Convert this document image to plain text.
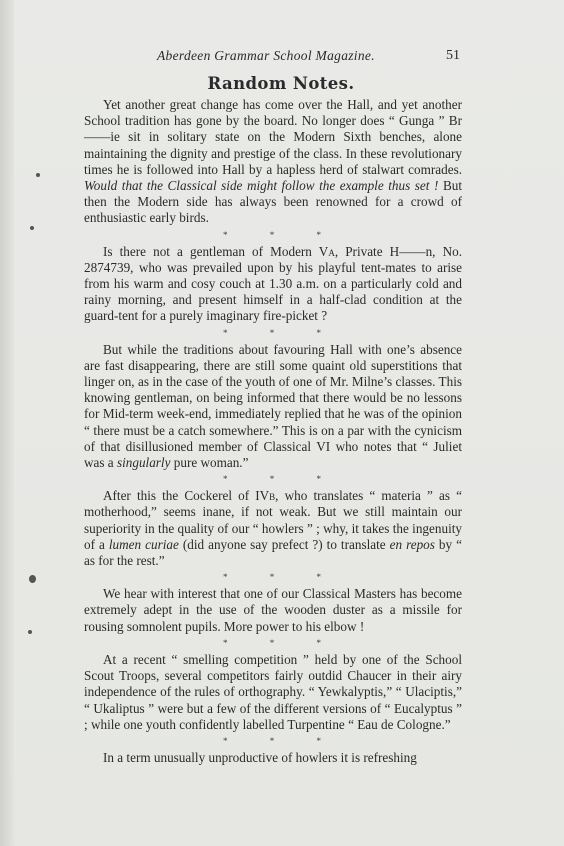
Aberdeen Grammar School Magazine.	51
Random Notes.

Yet another great change has come over the Hall, and yet another School tradition has gone by the board. No longer does “ Gunga ” Br——ie sit in solitary state on the Modern Sixth benches, alone maintaining the dignity and prestige of the class. In these revolutionary times he is followed into Hall by a hapless herd of stalwart comrades. Would that the Classical side might follow the example thus set ! But then the Modern side has always been renowned for a crowd of enthusiastic early birds.

* * *

Is there not a gentleman of Modern Va, Private H——n, No. 2874739, who was prevailed upon by his playful tent-mates to arise from his warm and cosy couch at 1.30 a.m. on a particularly cold and rainy morning, and present himself in a half-clad condition at the guard-tent for a purely imaginary fire-picket ?

* * *

But while the traditions about favouring Hall with one’s absence are fast disappearing, there are still some quaint old superstitions that linger on, as in the case of the youth of one of Mr. Milne’s classes. This knowing gentleman, on being informed that there would be no lessons for Mid-term week-end, immediately replied that he was of the opinion “ there must be a catch somewhere.” This is on a par with the cynicism of that disillusioned member of Classical VI who notes that “ Juliet was a singularly pure woman.”

* * *

After this the Cockerel of IVb, who translates “ materia ” as “ motherhood,” seems inane, if not weak. But we still maintain our superiority in the quality of our “ howlers ” ; why, it takes the ingenuity of a lumen curiae (did anyone say prefect ?) to translate en repos by “ as for the rest.”

* * *

We hear with interest that one of our Classical Masters has become extremely adept in the use of the wooden duster as a missile for rousing somnolent pupils. More power to his elbow !

* * *

At a recent “ smelling competition ” held by one of the School Scout Troops, several competitors fairly outdid Chaucer in their airy independence of the rules of orthography. “ Yewkalyptis,” “ Ulaciptis,” “ Ukaliptus ” were but a few of the different versions of “ Eucalyptus ” ; while one youth confidently labelled Turpentine “ Eau de Cologne.”

* * *

In a term unusually unproductive of howlers it is refreshing
